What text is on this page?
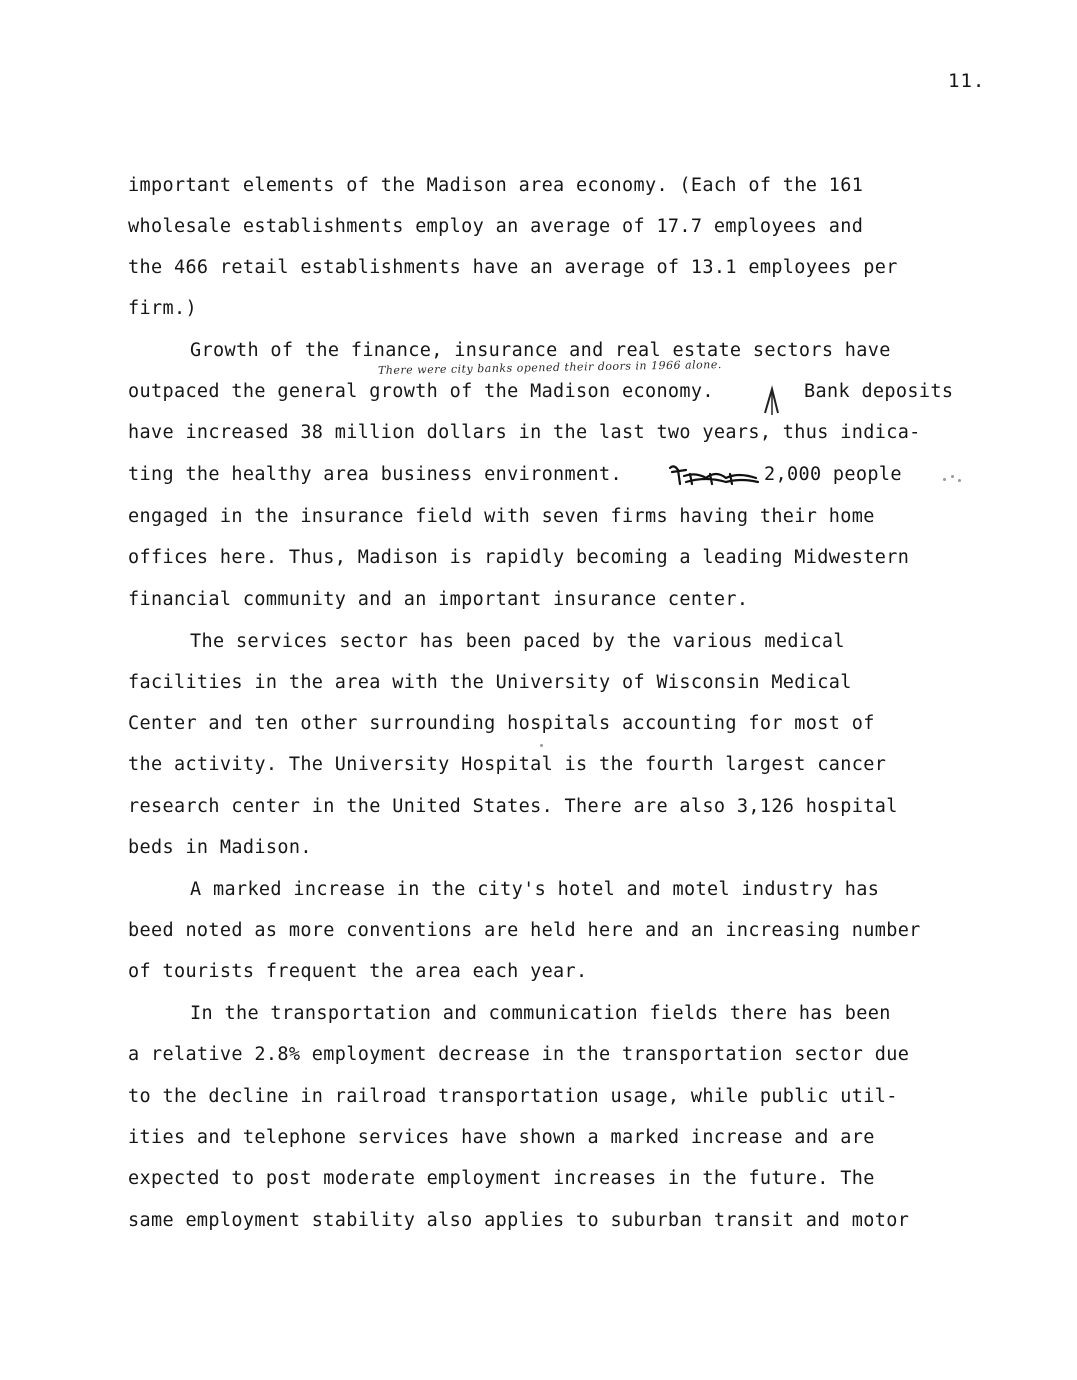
11.
important elements of the Madison area economy. (Each of the 161
wholesale establishments employ an average of 17.7 employees and
the 466 retail establishments have an average of 13.1 employees per
firm.)
Growth of the finance, insurance and real estate sectors have
There were city banks opened their doors in 1966 alone.
outpaced the general growth of the Madison economy.	Bank deposits
have increased 38 million dollars in the last two years, thus indica-
ting the healthy area business environment.	2,000 people
engaged in the insurance field with seven firms having their home
offices here. Thus, Madison is rapidly becoming a leading Midwestern
financial community and an important insurance center.
The services sector has been paced by the various medical
facilities in the area with the University of Wisconsin Medical
Center and ten other surrounding hospitals accounting for most of
the activity. The University Hospital is the fourth largest cancer
research center in the United States. There are also 3,126 hospital
beds in Madison.
A marked increase in the city's hotel and motel industry has
beed noted as more conventions are held here and an increasing number
of tourists frequent the area each year.
In the transportation and communication fields there has been
a relative 2.8% employment decrease in the transportation sector due
to the decline in railroad transportation usage, while public util-
ities and telephone services have shown a marked increase and are
expected to post moderate employment increases in the future. The
same employment stability also applies to suburban transit and motor
